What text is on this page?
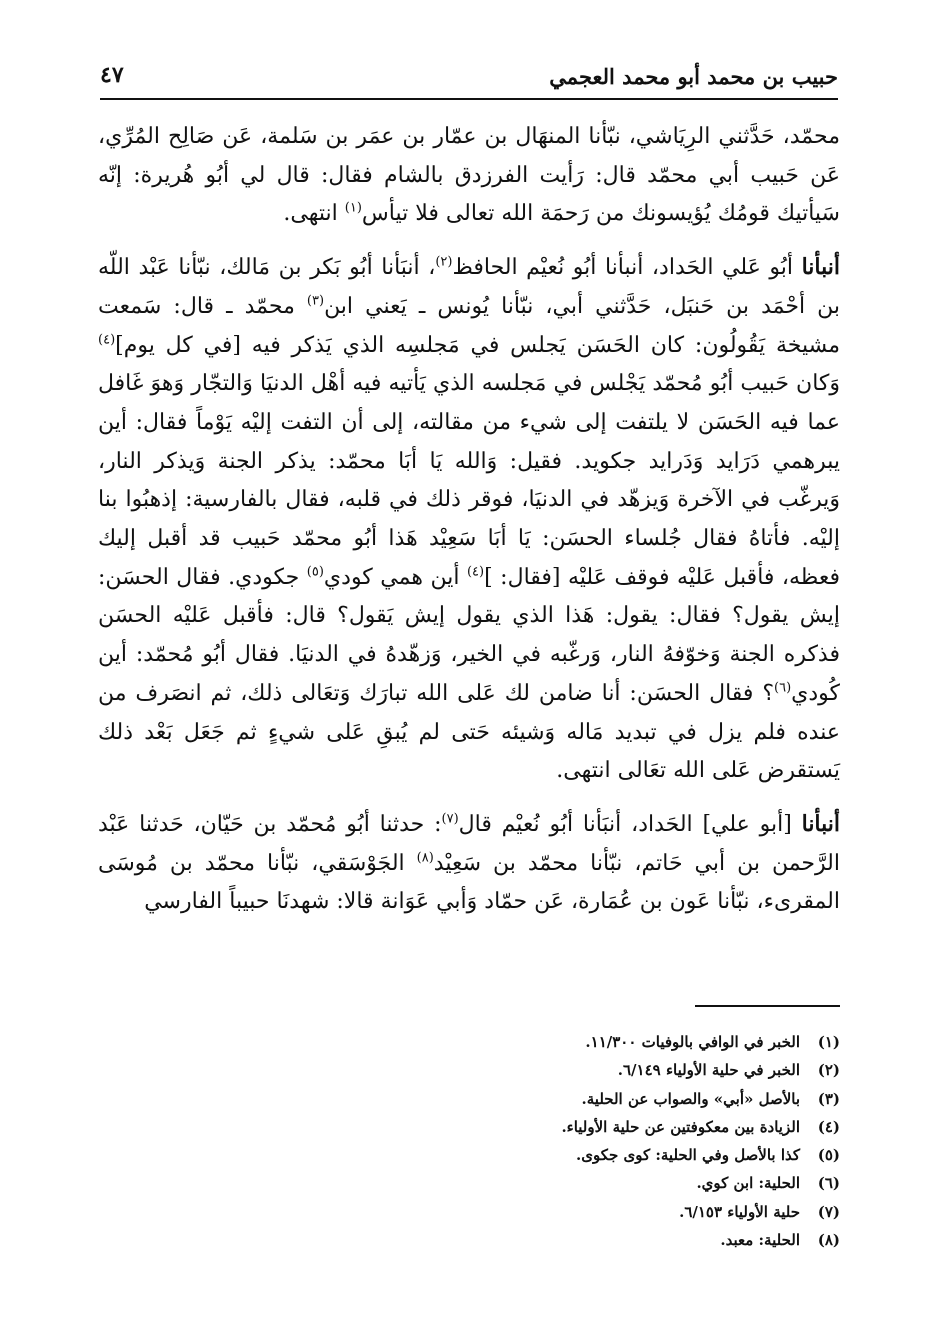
حبيب بن محمد أبو محمد العجمي
٤٧

محمّد، حَدَّثني الرِيَاشي، نبّأنا المنهَال بن عمّار بن عمَر بن سَلمة، عَن صَالِح المُرِّي، عَن حَبيب أبي محمّد قال: رَأيت الفرزدق بالشام فقال: قال لي أبُو هُريرة: إنّه سَيأتيك قومُك يُؤيسونك من رَحمَة الله تعالى فلا تيأس$^{(١)}$ انتهى.

أنبأنا أبُو عَلي الحَداد، أنبأنا أبُو نُعيْم الحافظ$^{(٢)}$، أنبَأنا أبُو بَكر بن مَالك، نبّأنا عَبْد اللّه بن أحْمَد بن حَنبَل، حَدَّثني أبي، نبّأنا يُونس ـ يَعني ابن$^{(٣)}$ محمّد ـ قال: سَمعت مشيخة يَقُولُون: كان الحَسَن يَجلس في مَجلسِه الذي يَذكر فيه [في كل يوم]$^{(٤)}$ وَكان حَبيب أبُو مُحمّد يَجْلس في مَجلسه الذي يَأتيه فيه أهْل الدنيَا وَالتجّار وَهوَ غَافل عما فيه الحَسَن لا يلتفت إلى شيء من مقالته، إلى أن التفت إليْه يَوْماً فقال: أين يبرهمي دَرَايد وَدَرايد جكويد. فقيل: وَالله يَا أبَا محمّد: يذكر الجنة وَيذكر النار، وَيرغّب في الآخرة وَيزهّد في الدنيَا، فوقر ذلك في قلبه، فقال بالفارسية: إذهبُوا بنا إليْه. فأتاهُ فقال جُلساء الحسَن: يَا أبَا سَعِيْد هَذا أبُو محمّد حَبيب قد أقبل إليك فعظه، فأقبل عَليْه فوقف عَليْه [فقال: ]$^{(٤)}$ أين همي كودي$^{(٥)}$ جكودي. فقال الحسَن: إيش يقول؟ فقال: يقول: هَذا الذي يقول إيش يَقول؟ قال: فأقبل عَليْه الحسَن فذكره الجنة وَخوّفهُ النار، وَرغّبه في الخير، وَزهّدهُ في الدنيَا. فقال أبُو مُحمّد: أين كُودي$^{(٦)}$؟ فقال الحسَن: أنا ضامن لك عَلى الله تبارَك وَتعَالى ذلك، ثم انصَرف من عنده فلم يزل في تبديد مَاله وَشيئه حَتى لم يُبقِ عَلى شيءٍ ثم جَعَل بَعْد ذلك يَستقرض عَلى الله تعَالى انتهى.

أنبأنا [أبو علي] الحَداد، أنبَأنا أبُو نُعيْم قال$^{(٧)}$: حدثنا أبُو مُحمّد بن حَيّان، حَدثنا عَبْد الرَّحمن بن أبي حَاتم، نبّأنا محمّد بن سَعِيْد$^{(٨)}$ الجَوْسَقي، نبّأنا محمّد بن مُوسَى المقرىء، نبّأنا عَون بن عُمَارة، عَن حمّاد وَأبي عَوَانة قالا: شهدنَا حبيباً الفارسي

(١)
الخبر في الوافي بالوفيات ١١/٣٠٠.
(٢)
الخبر في حلية الأولياء ٦/١٤٩.
(٣)
بالأصل «أبي» والصواب عن الحلية.
(٤)
الزيادة بين معكوفتين عن حلية الأولياء.
(٥)
كذا بالأصل وفي الحلية: كوى جكوى.
(٦)
الحلية: ابن كوي.
(٧)
حلية الأولياء ٦/١٥٣.
(٨)
الحلية: معبد.
